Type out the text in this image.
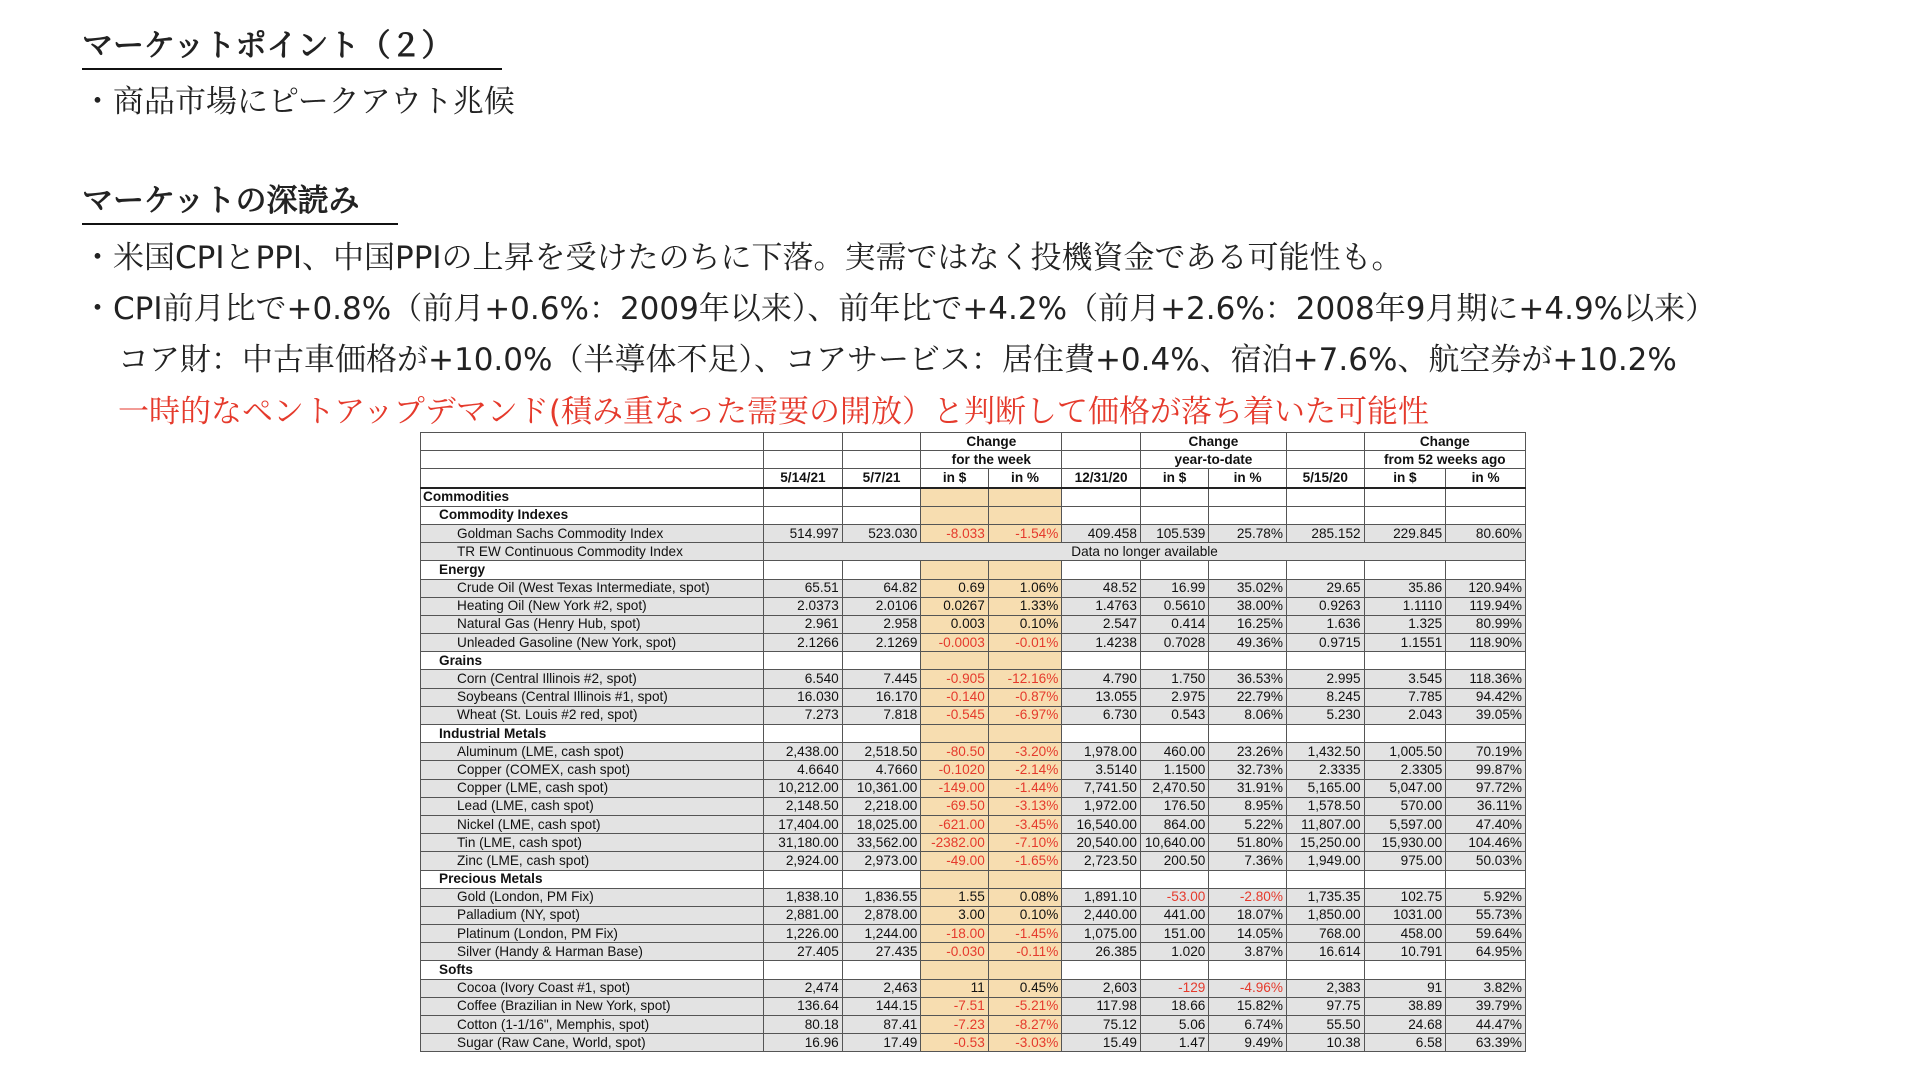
マーケットポイント（２）

・商品市場にピークアウト兆候

マーケットの深読み

・米国CPIとPPI、中国PPIの上昇を受けたのちに下落。実需ではなく投機資金である可能性も。

・CPI前月比で+0.8%（前月+0.6%：2009年以来）、前年比で+4.2%（前月+2.6%：2008年9月期に+4.9%以来）

コア財：中古車価格が+10.0%（半導体不足）、コアサービス：居住費+0.4%、宿泊+7.6%、航空券が+10.2%

一時的なペントアップデマンド(積み重なった需要の開放）と判断して価格が落ち着いた可能性

			Change			Change			Change	
			for the week			year-to-date			from 52 weeks ago	
	5/14/21	5/7/21	in $	in %	12/31/20	in $	in %	5/15/20	in $	in %
Commodities										
Commodity Indexes										
Goldman Sachs Commodity Index	514.997	523.030	-8.033	-1.54%	409.458	105.539	25.78%	285.152	229.845	80.60%
TR EW Continuous Commodity Index	Data no longer available									
Energy										
Crude Oil (West Texas Intermediate, spot)	65.51	64.82	0.69	1.06%	48.52	16.99	35.02%	29.65	35.86	120.94%
Heating Oil (New York #2, spot)	2.0373	2.0106	0.0267	1.33%	1.4763	0.5610	38.00%	0.9263	1.1110	119.94%
Natural Gas (Henry Hub, spot)	2.961	2.958	0.003	0.10%	2.547	0.414	16.25%	1.636	1.325	80.99%
Unleaded Gasoline (New York, spot)	2.1266	2.1269	-0.0003	-0.01%	1.4238	0.7028	49.36%	0.9715	1.1551	118.90%
Grains										
Corn (Central Illinois #2, spot)	6.540	7.445	-0.905	-12.16%	4.790	1.750	36.53%	2.995	3.545	118.36%
Soybeans (Central Illinois #1, spot)	16.030	16.170	-0.140	-0.87%	13.055	2.975	22.79%	8.245	7.785	94.42%
Wheat (St. Louis #2 red, spot)	7.273	7.818	-0.545	-6.97%	6.730	0.543	8.06%	5.230	2.043	39.05%
Industrial Metals										
Aluminum (LME, cash spot)	2,438.00	2,518.50	-80.50	-3.20%	1,978.00	460.00	23.26%	1,432.50	1,005.50	70.19%
Copper (COMEX, cash spot)	4.6640	4.7660	-0.1020	-2.14%	3.5140	1.1500	32.73%	2.3335	2.3305	99.87%
Copper (LME, cash spot)	10,212.00	10,361.00	-149.00	-1.44%	7,741.50	2,470.50	31.91%	5,165.00	5,047.00	97.72%
Lead (LME, cash spot)	2,148.50	2,218.00	-69.50	-3.13%	1,972.00	176.50	8.95%	1,578.50	570.00	36.11%
Nickel (LME, cash spot)	17,404.00	18,025.00	-621.00	-3.45%	16,540.00	864.00	5.22%	11,807.00	5,597.00	47.40%
Tin (LME, cash spot)	31,180.00	33,562.00	-2382.00	-7.10%	20,540.00	10,640.00	51.80%	15,250.00	15,930.00	104.46%
Zinc (LME, cash spot)	2,924.00	2,973.00	-49.00	-1.65%	2,723.50	200.50	7.36%	1,949.00	975.00	50.03%
Precious Metals										
Gold (London, PM Fix)	1,838.10	1,836.55	1.55	0.08%	1,891.10	-53.00	-2.80%	1,735.35	102.75	5.92%
Palladium (NY, spot)	2,881.00	2,878.00	3.00	0.10%	2,440.00	441.00	18.07%	1,850.00	1031.00	55.73%
Platinum (London, PM Fix)	1,226.00	1,244.00	-18.00	-1.45%	1,075.00	151.00	14.05%	768.00	458.00	59.64%
Silver (Handy & Harman Base)	27.405	27.435	-0.030	-0.11%	26.385	1.020	3.87%	16.614	10.791	64.95%
Softs										
Cocoa (Ivory Coast #1, spot)	2,474	2,463	11	0.45%	2,603	-129	-4.96%	2,383	91	3.82%
Coffee (Brazilian in New York, spot)	136.64	144.15	-7.51	-5.21%	117.98	18.66	15.82%	97.75	38.89	39.79%
Cotton (1-1/16", Memphis, spot)	80.18	87.41	-7.23	-8.27%	75.12	5.06	6.74%	55.50	24.68	44.47%
Sugar (Raw Cane, World, spot)	16.96	17.49	-0.53	-3.03%	15.49	1.47	9.49%	10.38	6.58	63.39%
